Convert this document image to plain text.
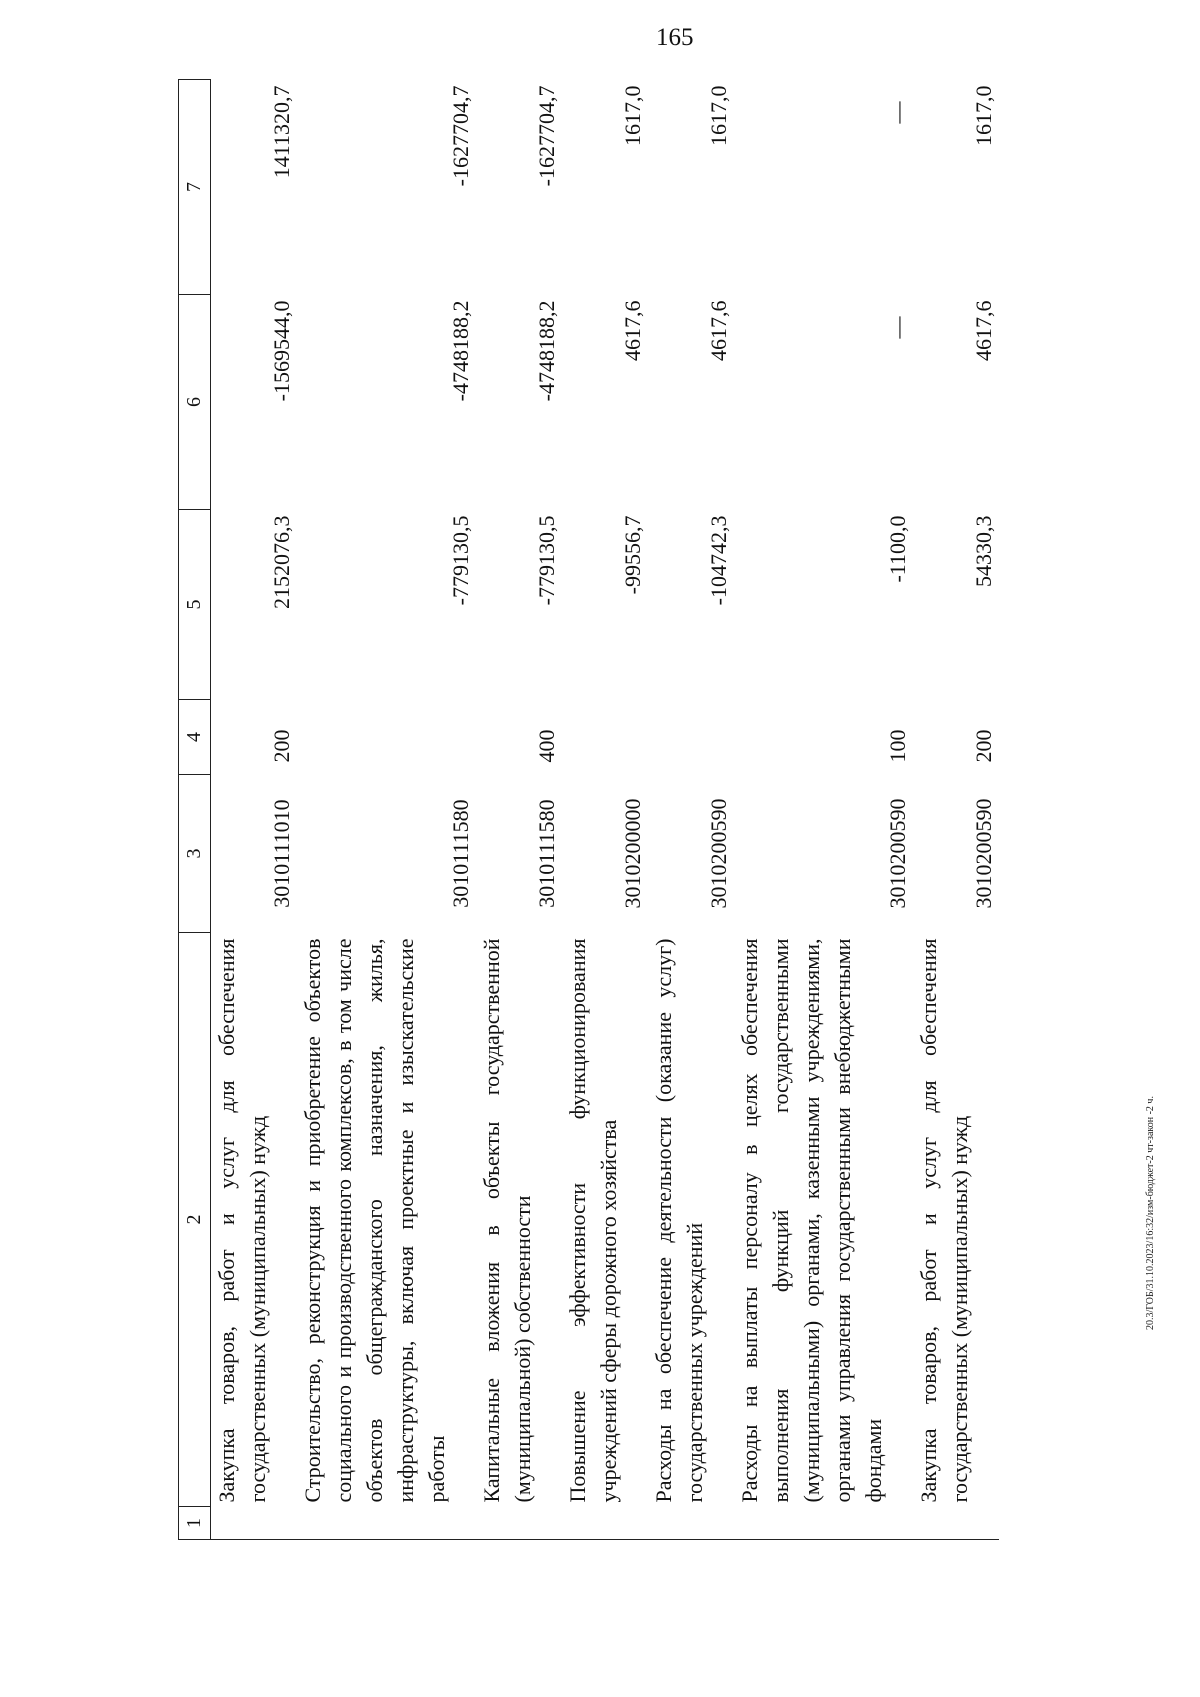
165
20.3/ГОБ/31.10.2023/16:32/изм-бюджет-2 чт-закон -2 ч.
1	2	3	4	5	6	7
	Закупка товаров, работ и услуг для обеспечения государственных (муниципальных) нужд	3010111010	200	2152076,3	-1569544,0	1411320,7
	Строительство, реконструкция и приобретение объектов социального и производственного комплексов, в том числе объектов общегражданского назначения, жилья, инфраструктуры, включая проектные и изыскательские работы	3010111580		-779130,5	-4748188,2	-1627704,7
	Капитальные вложения в объекты государственной (муниципальной) собственности	3010111580	400	-779130,5	-4748188,2	-1627704,7
	Повышение эффективности функционирования учреждений сферы дорожного хозяйства	3010200000		-99556,7	4617,6	1617,0
	Расходы на обеспечение деятельности (оказание услуг) государственных учреждений	3010200590		-104742,3	4617,6	1617,0
	Расходы на выплаты персоналу в целях обеспечения выполнения функций государственными (муниципальными) органами, казенными учреждениями, органами управления государственными внебюджетными фондами	3010200590	100	-1100,0	—	—
	Закупка товаров, работ и услуг для обеспечения государственных (муниципальных) нужд	3010200590	200	54330,3	4617,6	1617,0
